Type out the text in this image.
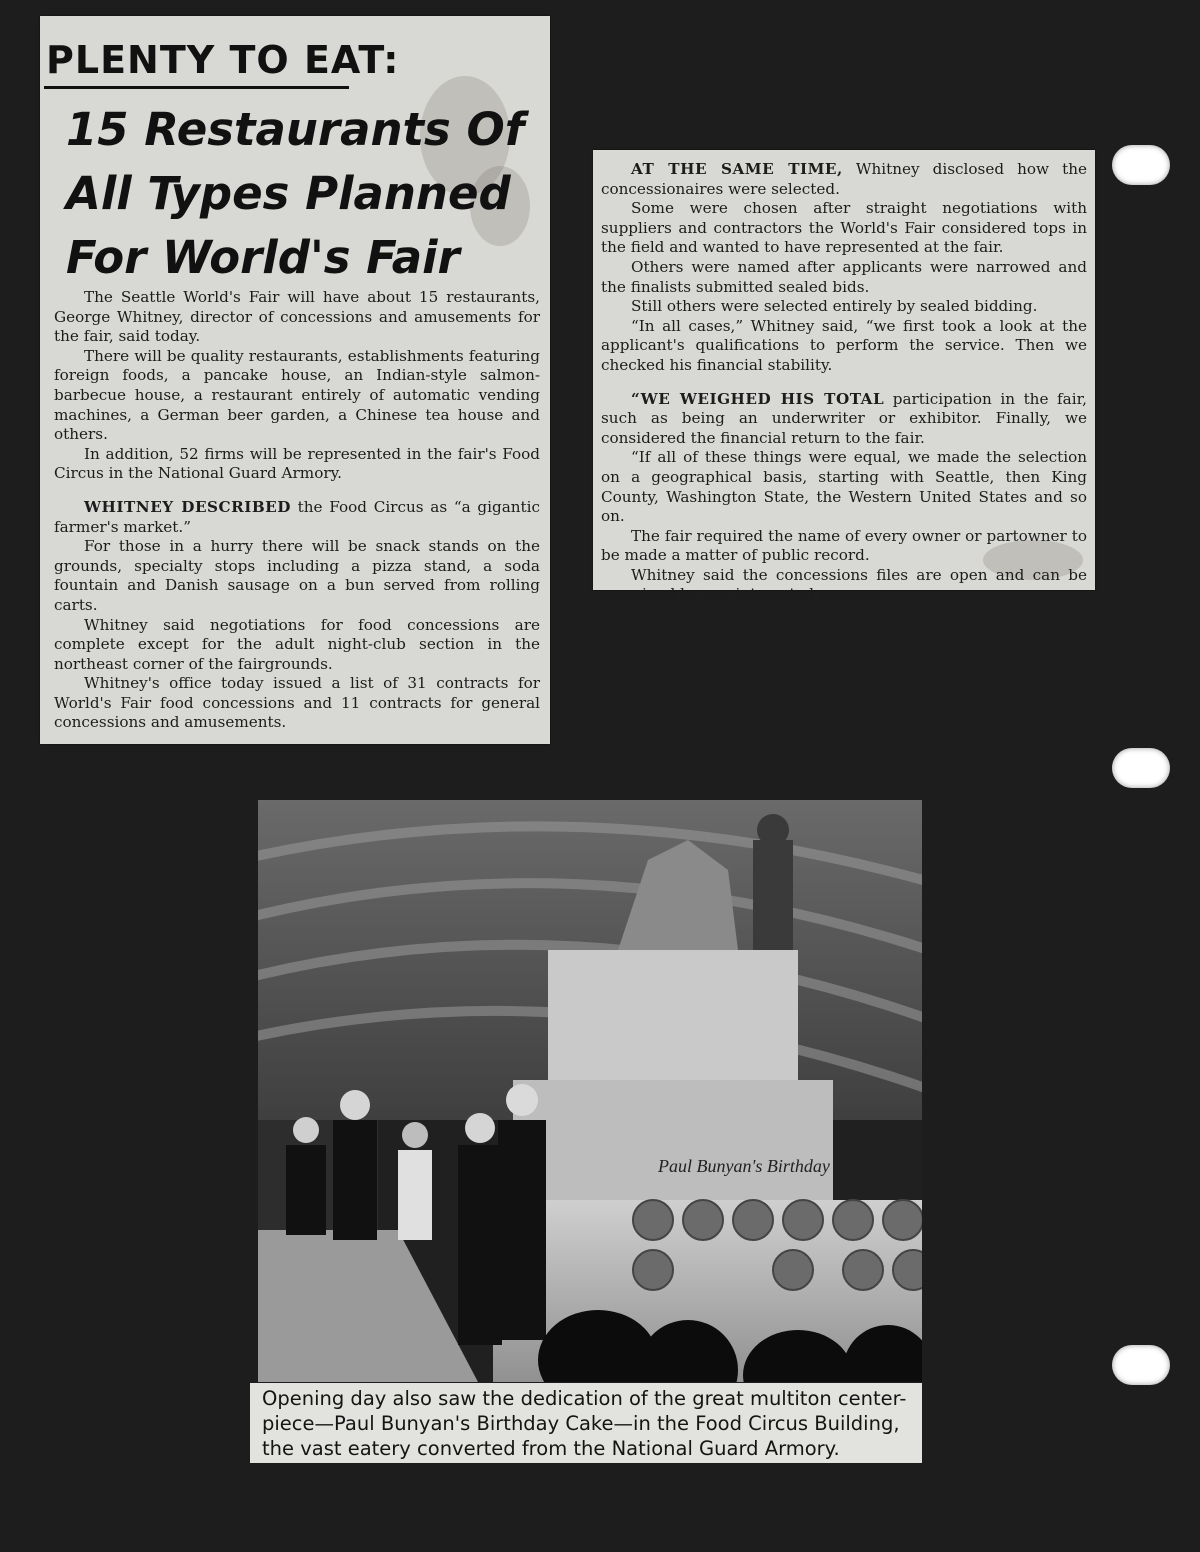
PLENTY TO EAT:
15 Restaurants Of
All Types Planned
For World's Fair

The Seattle World's Fair will have about 15 restaurants, George Whitney, director of concessions and amusements for the fair, said today.

There will be quality restaurants, establishments featuring foreign foods, a pancake house, an Indian-style salmon-barbecue house, a restaurant entirely of automatic vending machines, a German beer garden, a Chinese tea house and others.

In addition, 52 firms will be represented in the fair's Food Circus in the National Guard Armory.

WHITNEY DESCRIBED the Food Circus as “a gigantic farmer's market.”

For those in a hurry there will be snack stands on the grounds, specialty stops including a pizza stand, a soda fountain and Danish sausage on a bun served from rolling carts.

Whitney said negotiations for food concessions are complete except for the adult night-club section in the northeast corner of the fairgrounds.

Whitney's office today issued a list of 31 contracts for World's Fair food concessions and 11 contracts for general concessions and amusements.

AT THE SAME TIME, Whitney disclosed how the concessionaires were selected.

Some were chosen after straight negotiations with suppliers and contractors the World's Fair considered tops in the field and wanted to have represented at the fair.

Others were named after applicants were narrowed and the finalists submitted sealed bids.

Still others were selected entirely by sealed bidding.

“In all cases,” Whitney said, “we first took a look at the applicant's qualifications to perform the service. Then we checked his financial stability.

“WE WEIGHED HIS TOTAL participation in the fair, such as being an underwriter or exhibitor. Finally, we considered the financial return to the fair.

“If all of these things were equal, we made the selection on a geographical basis, starting with Seattle, then King County, Washington State, the Western United States and so on.

The fair required the name of every owner or partowner to be made a matter of public record.

Whitney said the concessions files are open and can be examined by any interested persons.

Paul Bunyan's Birthday Cake
Opening day also saw the dedication of the great multiton center-
piece—Paul Bunyan's Birthday Cake—in the Food Circus Building,
the vast eatery converted from the National Guard Armory.
